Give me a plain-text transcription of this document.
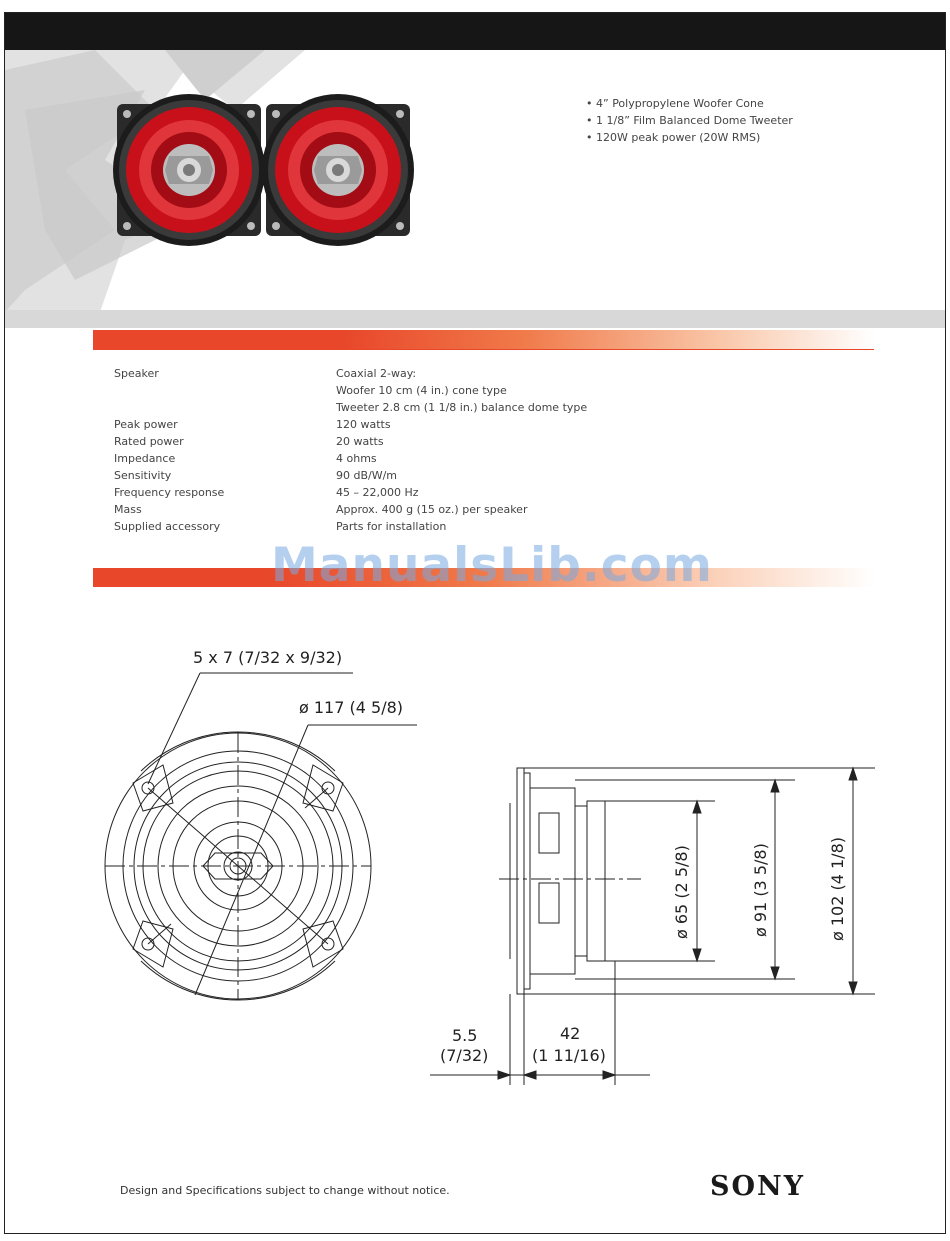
• 4” Polypropylene Woofer Cone
• 1 1/8” Film Balanced Dome Tweeter
• 120W peak power (20W RMS)
Speaker	Coaxial 2-way:
Woofer 10 cm (4 in.) cone type
Tweeter 2.8 cm (1 1/8 in.) balance dome type
Peak power	120 watts
Rated power	20 watts
Impedance	4 ohms
Sensitivity	90 dB/W/m
Frequency response	45 – 22,000 Hz
Mass	Approx. 400 g (15 oz.) per speaker
Supplied accessory	Parts for installation
ManualsLib.com
5 x 7 (7/32 x 9/32)
ø 117 (4 5/8)
ø 65 (2 5/8)	ø 91 (3 5/8)	ø 102 (4 1/8)
5.5
(7/32)
42
(1 11/16)
Design and Specifications subject to change without notice.	SONY
